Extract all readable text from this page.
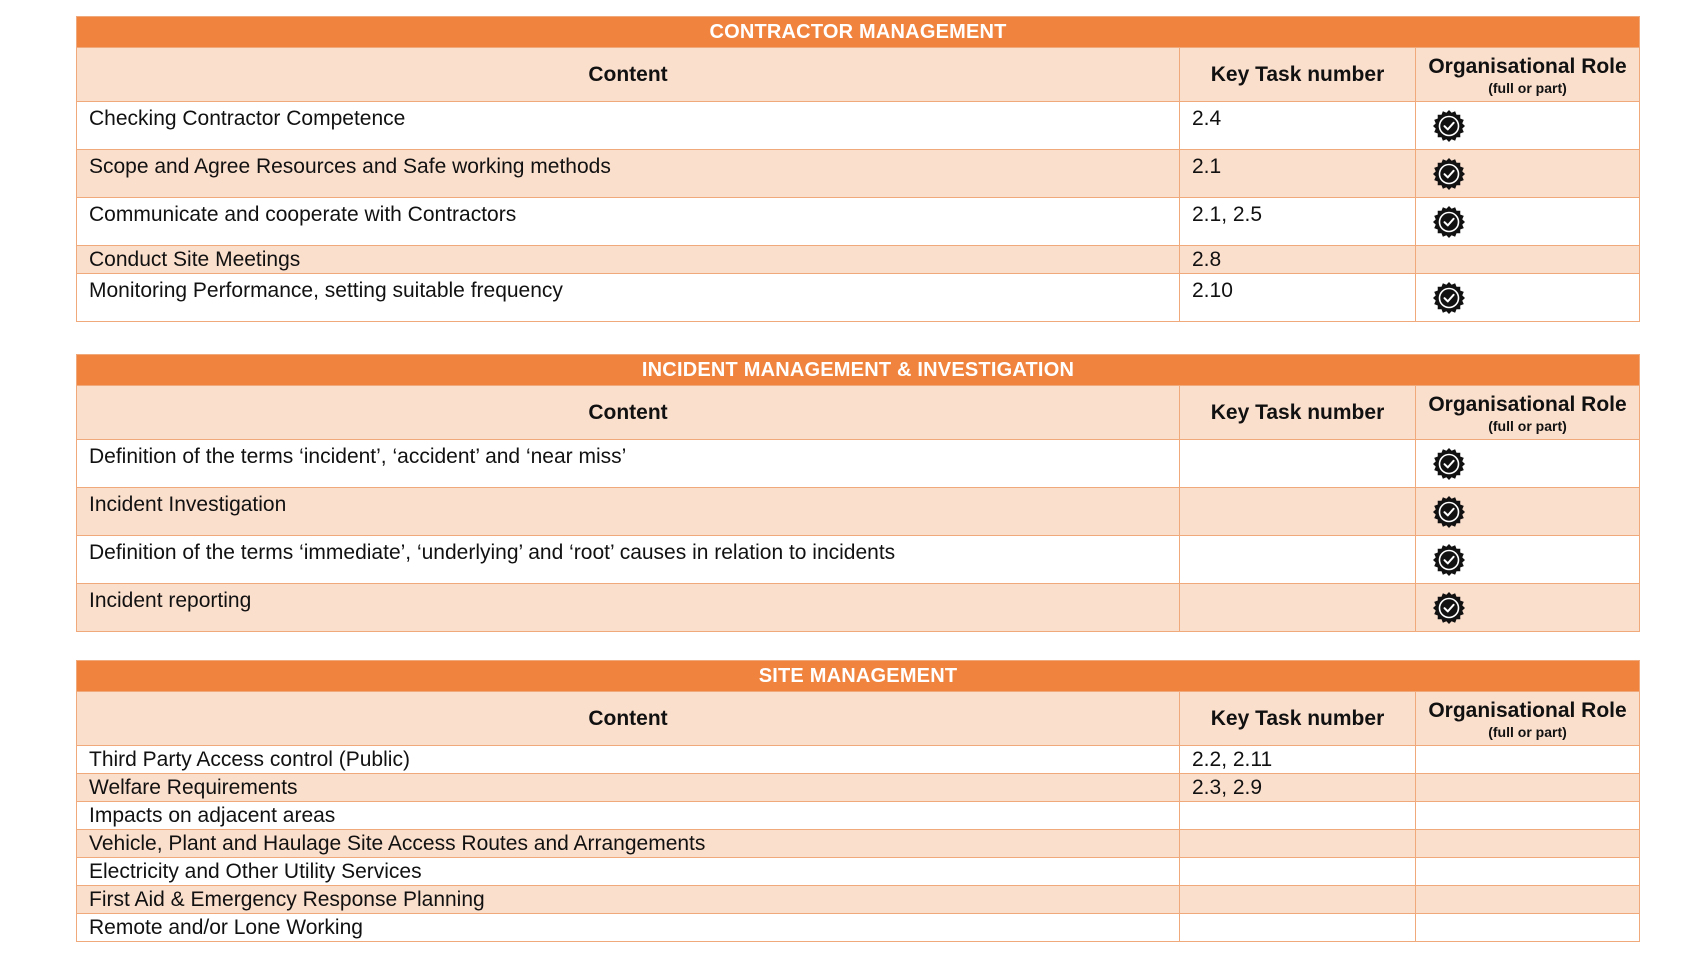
CONTRACTOR MANAGEMENT		
Content	Key Task number	Organisational Role
(full or part)

Checking Contractor Competence	2.4	
Scope and Agree Resources and Safe working methods	2.1	
Communicate and cooperate with Contractors	2.1, 2.5	
Conduct Site Meetings	2.8	
Monitoring Performance, setting suitable frequency	2.10	
INCIDENT MANAGEMENT & INVESTIGATION		
Content	Key Task number	Organisational Role
(full or part)

Definition of the terms ‘incident’, ‘accident’ and ‘near miss’		
Incident Investigation		
Definition of the terms ‘immediate’, ‘underlying’ and ‘root’ causes in relation to incidents		
Incident reporting		
SITE MANAGEMENT		
Content	Key Task number	Organisational Role
(full or part)

Third Party Access control (Public)	2.2, 2.11	
Welfare Requirements	2.3, 2.9	
Impacts on adjacent areas		
Vehicle, Plant and Haulage Site Access Routes and Arrangements		
Electricity and Other Utility Services		
First Aid & Emergency Response Planning		
Remote and/or Lone Working		
